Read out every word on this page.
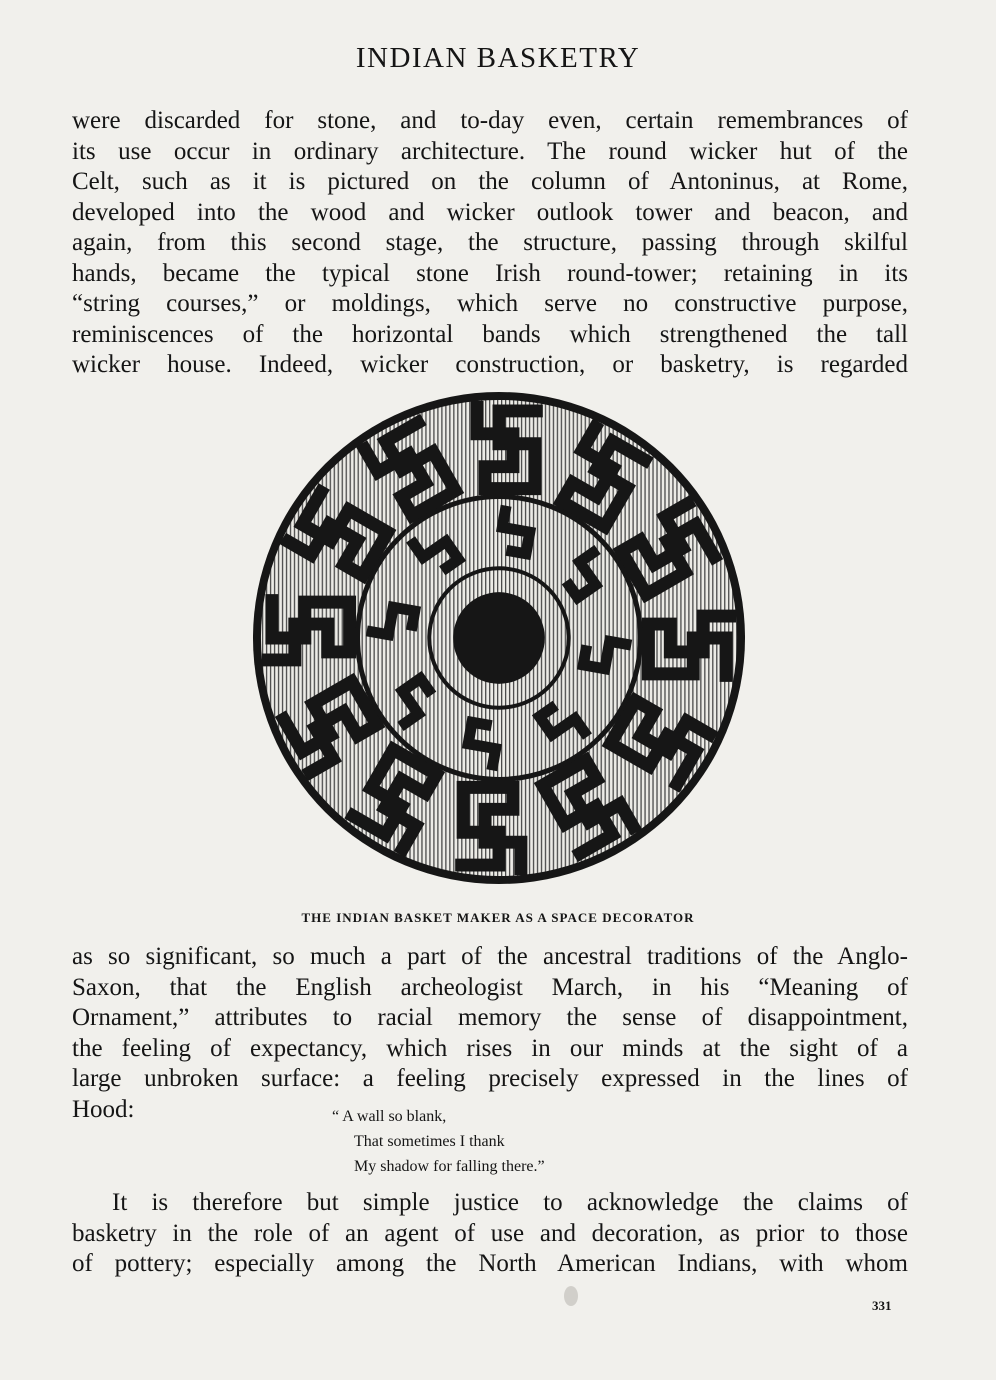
INDIAN BASKETRY
were discarded for stone, and to-day even, certain remembrances of
its use occur in ordinary architecture. The round wicker hut of the
Celt, such as it is pictured on the column of Antoninus, at Rome,
developed into the wood and wicker outlook tower and beacon, and
again, from this second stage, the structure, passing through skilful
hands, became the typical stone Irish round-tower; retaining in its
“string courses,” or moldings, which serve no constructive purpose,
reminiscences of the horizontal bands which strengthened the tall
wicker house. Indeed, wicker construction, or basketry, is regarded
THE INDIAN BASKET MAKER AS A SPACE DECORATOR
as so significant, so much a part of the ancestral traditions of the Anglo-
Saxon, that the English archeologist March, in his “Meaning of
Ornament,” attributes to racial memory the sense of disappointment,
the feeling of expectancy, which rises in our minds at the sight of a
large unbroken surface: a feeling precisely expressed in the lines of
Hood:	“ A wall so blank,
That sometimes I thank
My shadow for falling there.”
It is therefore but simple justice to acknowledge the claims of
basketry in the role of an agent of use and decoration, as prior to those
of pottery; especially among the North American Indians, with whom
331
